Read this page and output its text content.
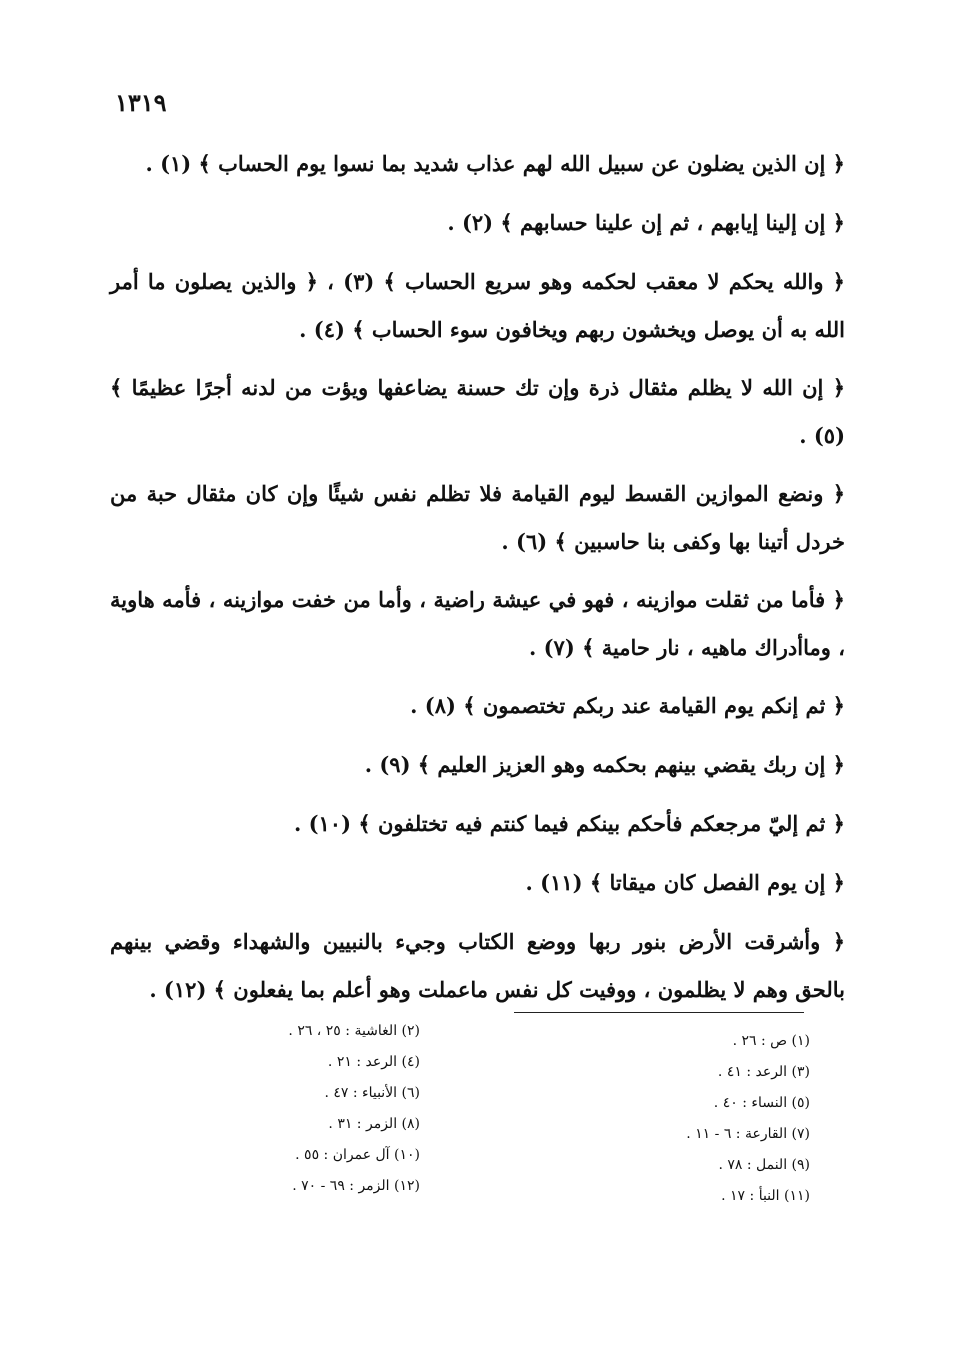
١٣١٩

﴿ إن الذين يضلون عن سبيل الله لهم عذاب شديد بما نسوا يوم الحساب ﴾ (١) .

﴿ إن إلينا إيابهم ، ثم إن علينا حسابهم ﴾ (٢) .

﴿ والله يحكم لا معقب لحكمه وهو سريع الحساب ﴾ (٣) ، ﴿ والذين يصلون ما أمر الله به أن يوصل ويخشون ربهم ويخافون سوء الحساب ﴾ (٤) .

﴿ إن الله لا يظلم مثقال ذرة وإن تك حسنة يضاعفها ويؤت من لدنه أجرًا عظيمًا ﴾ (٥) .

﴿ ونضع الموازين القسط ليوم القيامة فلا تظلم نفس شيئًا وإن كان مثقال حبة من خردل أتينا بها وكفى بنا حاسبين ﴾ (٦) .

﴿ فأما من ثقلت موازينه ، فهو في عيشة راضية ، وأما من خفت موازينه ، فأمه هاوية ، وماأدراك ماهيه ، نار حامية ﴾ (٧) .

﴿ ثم إنكم يوم القيامة عند ربكم تختصمون ﴾ (٨) .

﴿ إن ربك يقضي بينهم بحكمه وهو العزيز العليم ﴾ (٩) .

﴿ ثم إليّ مرجعكم فأحكم بينكم فيما كنتم فيه تختلفون ﴾ (١٠) .

﴿ إن يوم الفصل كان ميقاتا ﴾ (١١) .

﴿ وأشرقت الأرض بنور ربها ووضع الكتاب وجيء بالنبيين والشهداء وقضي بينهم بالحق وهم لا يظلمون ، ووفيت كل نفس ماعملت وهو أعلم بما يفعلون ﴾ (١٢) .

(١) ص : ٢٦ .
(٣) الرعد : ٤١ .
(٥) النساء : ٤٠ .
(٧) القارعة : ٦ - ١١ .
(٩) النمل : ٧٨ .
(١١) النبأ : ١٧ .
(٢) الغاشية : ٢٥ ، ٢٦ .
(٤) الرعد : ٢١ .
(٦) الأنبياء : ٤٧ .
(٨) الزمر : ٣١ .
(١٠) آل عمران : ٥٥ .
(١٢) الزمر : ٦٩ - ٧٠ .
